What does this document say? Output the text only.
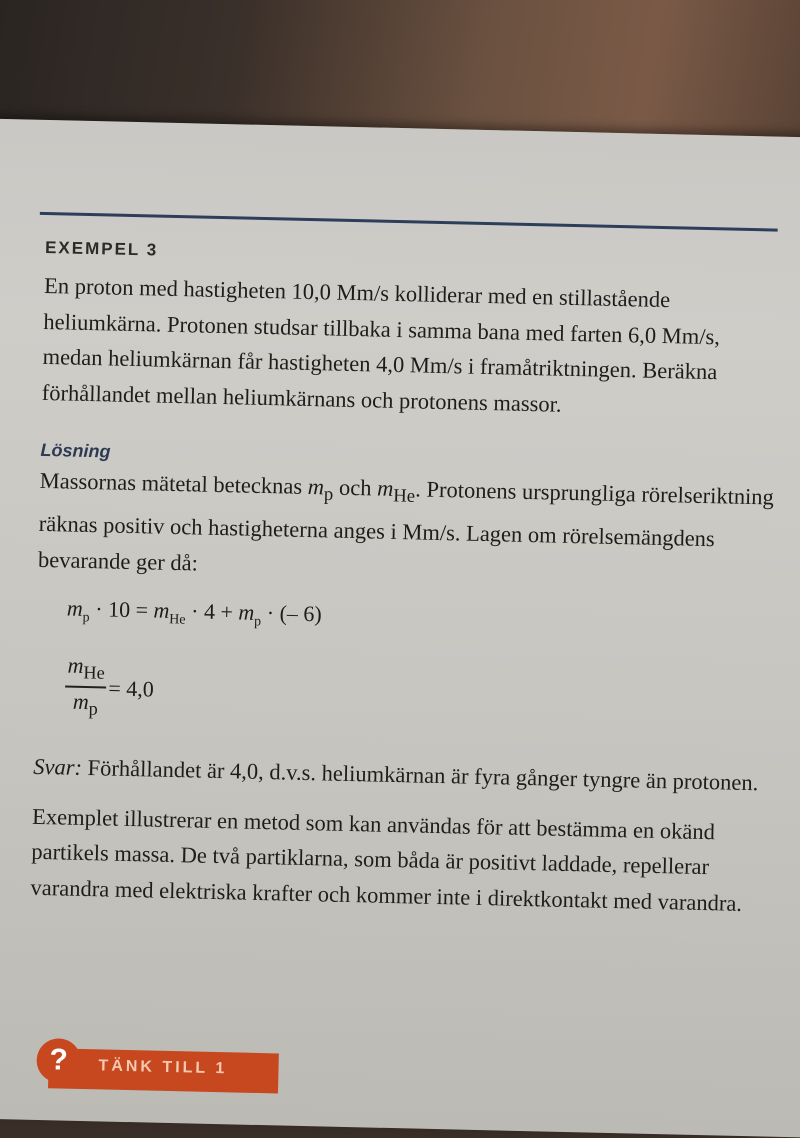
EXEMPEL 3

En proton med hastigheten 10,0 Mm/s kolliderar med en stillastående heliumkärna. Protonen studsar tillbaka i samma bana med farten 6,0 Mm/s, medan heliumkärnan får hastigheten 4,0 Mm/s i framåtriktningen. Beräkna förhållandet mellan heliumkärnans och protonens massor.

Lösning

Massornas mätetal betecknas $m_p$ och $m_{He}$. Protonens ursprungliga rörelseriktning räknas positiv och hastigheterna anges i Mm/s. Lagen om rörelsemängdens bevarande ger då:

$m_p \cdot 10 = m_{He} \cdot 4 + m_p$ · (– 6)
$\frac{m_{He}}{m_p} = 4,0$

Svar: Förhållandet är 4,0, d.v.s. heliumkärnan är fyra gånger tyngre än protonen.

Exemplet illustrerar en metod som kan användas för att bestämma en okänd partikels massa. De två partiklarna, som båda är positivt laddade, repellerar varandra med elektriska krafter och kommer inte i direktkontakt med varandra.

TÄNK TILL 1
?
